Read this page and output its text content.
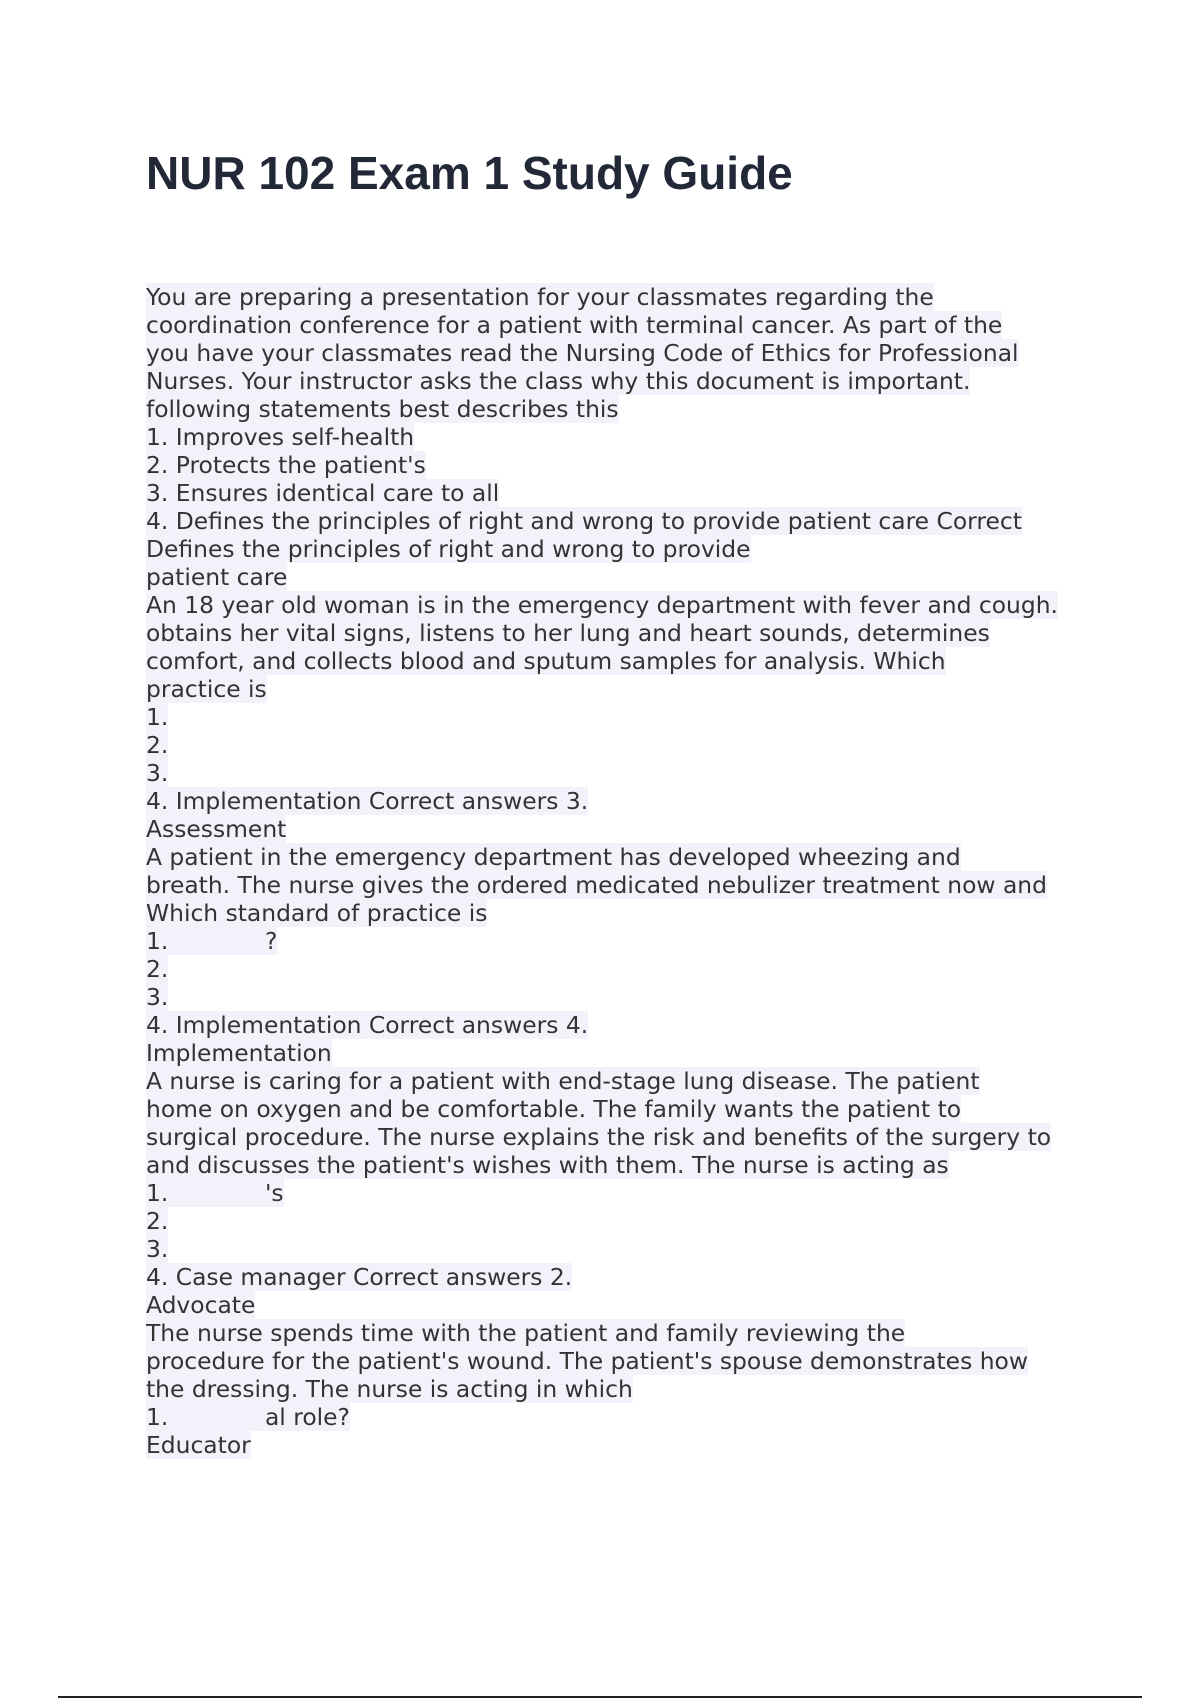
NUR 102 Exam 1 Study Guide
You are preparing a presentation for your classmates regarding the
coordination conference for a patient with terminal cancer. As part of the
you have your classmates read the Nursing Code of Ethics for Professional
Nurses. Your instructor asks the class why this document is important.
following statements best describes this
1. Improves self-health
2. Protects the patient's
3. Ensures identical care to all
4. Defines the principles of right and wrong to provide patient care Correct
Defines the principles of right and wrong to provide
patient care
An 18 year old woman is in the emergency department with fever and cough.
obtains her vital signs, listens to her lung and heart sounds, determines
comfort, and collects blood and sputum samples for analysis. Which
practice is
1.
2.
3.
4. Implementation Correct answers 3.
Assessment
A patient in the emergency department has developed wheezing and
breath. The nurse gives the ordered medicated nebulizer treatment now and
Which standard of practice is
1.             ?
2.
3.
4. Implementation Correct answers 4.
Implementation
A nurse is caring for a patient with end-stage lung disease. The patient
home on oxygen and be comfortable. The family wants the patient to
surgical procedure. The nurse explains the risk and benefits of the surgery to
and discusses the patient's wishes with them. The nurse is acting as
1.             's
2.
3.
4. Case manager Correct answers 2.
Advocate
The nurse spends time with the patient and family reviewing the
procedure for the patient's wound. The patient's spouse demonstrates how
the dressing. The nurse is acting in which
1.             al role?
Educator
